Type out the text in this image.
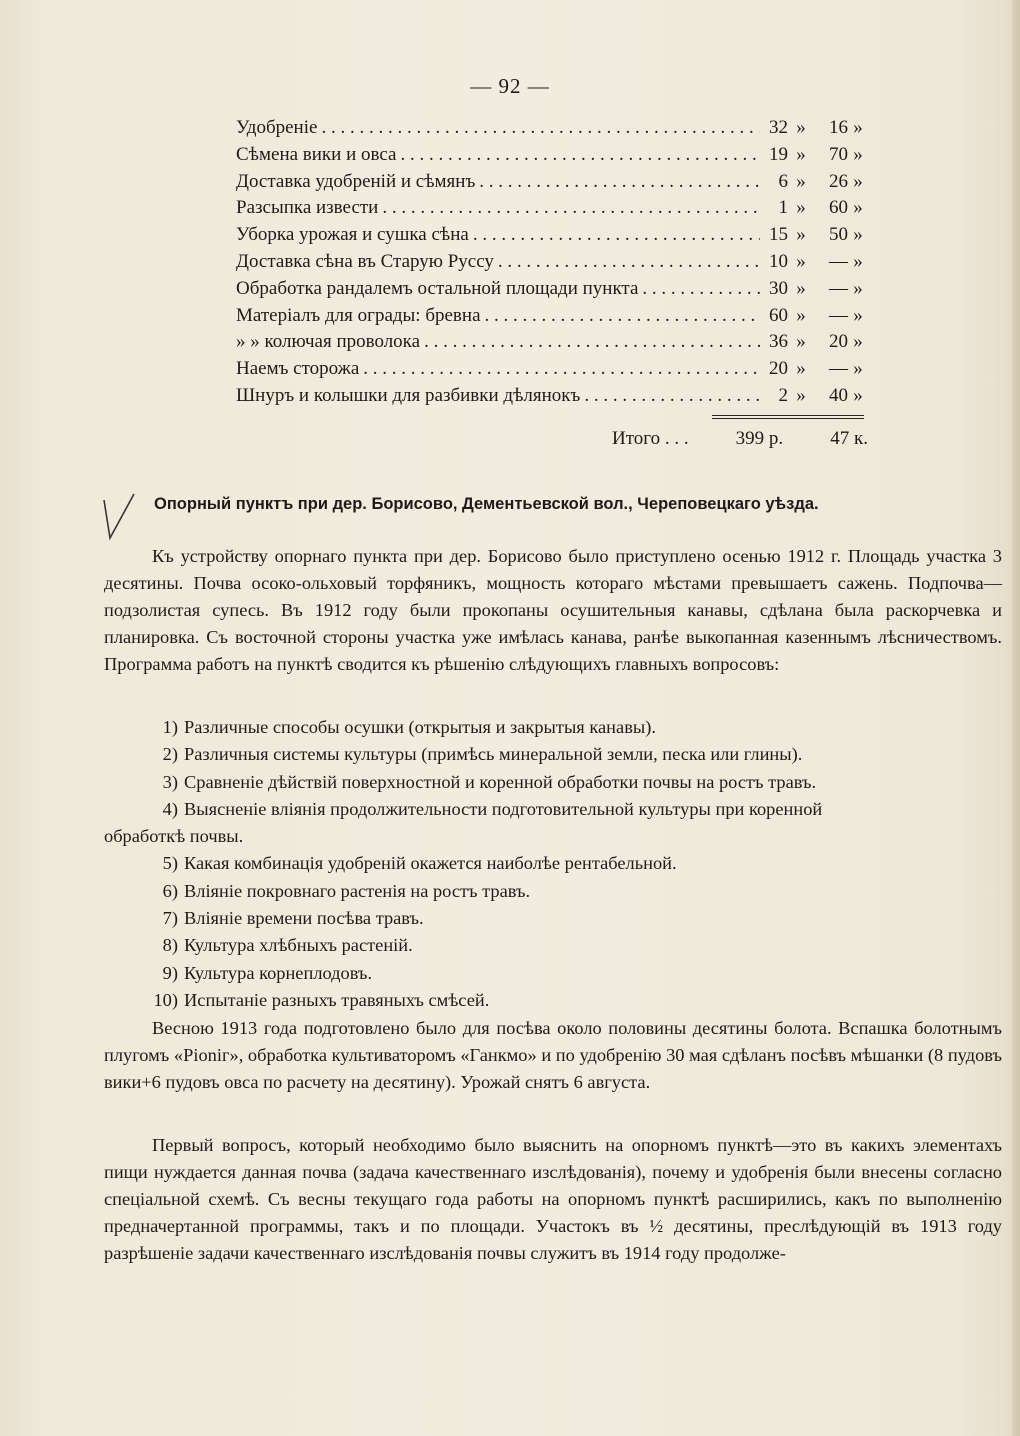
— 92 —
Удобреніе . . .	32 »	16 »
Сѣмена вики и овса . . .	19 »	70 »
Доставка удобреній и сѣмянъ . . .	6 »	26 »
Разсыпка извести . . .	1 »	60 »
Уборка урожая и сушка сѣна . . .	15 »	50 »
Доставка сѣна въ Старую Руссу . . .	10 »	— »
Обработка рандалемъ остальной площади пункта . . .	30 »	— »
Матеріалъ для ограды: бревна . . .	60 »	— »
» » колючая проволока . . .	36 »	20 »
Наемъ сторожа . . .	20 »	— »
Шнуръ и колышки для разбивки дѣлянокъ . . .	2 »	40 »
Итого . . . 399 р. 47 к.
Опорный пунктъ при дер. Борисово, Дементьевской вол., Череповецкаго уѣзда.
Къ устройству опорнаго пункта при дер. Борисово было приступлено осенью 1912 г. Площадь участка 3 десятины. Почва осоко-ольховый торфяникъ, мощность котораго мѣстами превышаетъ сажень. Подпочва—подзолистая супесь. Въ 1912 году были прокопаны осушительныя канавы, сдѣлана была раскорчевка и планировка. Съ восточной стороны участка уже имѣлась канава, ранѣе выкопанная казеннымъ лѣсничествомъ. Программа работъ на пунктѣ сводится къ рѣшенію слѣдующихъ главныхъ вопросовъ:
1) Различные способы осушки (открытыя и закрытыя канавы).
2) Различныя системы культуры (примѣсь минеральной земли, песка или глины).
3) Сравненіе дѣйствій поверхностной и коренной обработки почвы на ростъ травъ.
4) Выясненіе вліянія продолжительности подготовительной культуры при коренной
обработкѣ почвы.
5) Какая комбинація удобреній окажется наиболѣе рентабельной.
6) Вліяніе покровнаго растенія на ростъ травъ.
7) Вліяніе времени посѣва травъ.
8) Культура хлѣбныхъ растеній.
9) Культура корнеплодовъ.
10) Испытаніе разныхъ травяныхъ смѣсей.
Весною 1913 года подготовлено было для посѣва около половины десятины болота. Вспашка болотнымъ плугомъ «Pioniг», обработка культиваторомъ «Ганкмо» и по удобренію 30 мая сдѣланъ посѣвъ мѣшанки (8 пудовъ вики+6 пудовъ овса по расчету на десятину). Урожай снятъ 6 августа.
Первый вопросъ, который необходимо было выяснить на опорномъ пунктѣ—это въ какихъ элементахъ пищи нуждается данная почва (задача качественнаго изслѣдованія), почему и удобренія были внесены согласно спеціальной схемѣ. Съ весны текущаго года работы на опорномъ пунктѣ расширились, какъ по выполненію предначертанной программы, такъ и по площади. Участокъ въ ½ десятины, преслѣдующій въ 1913 году разрѣшеніе задачи качественнаго изслѣдованія почвы служитъ въ 1914 году продолже-
